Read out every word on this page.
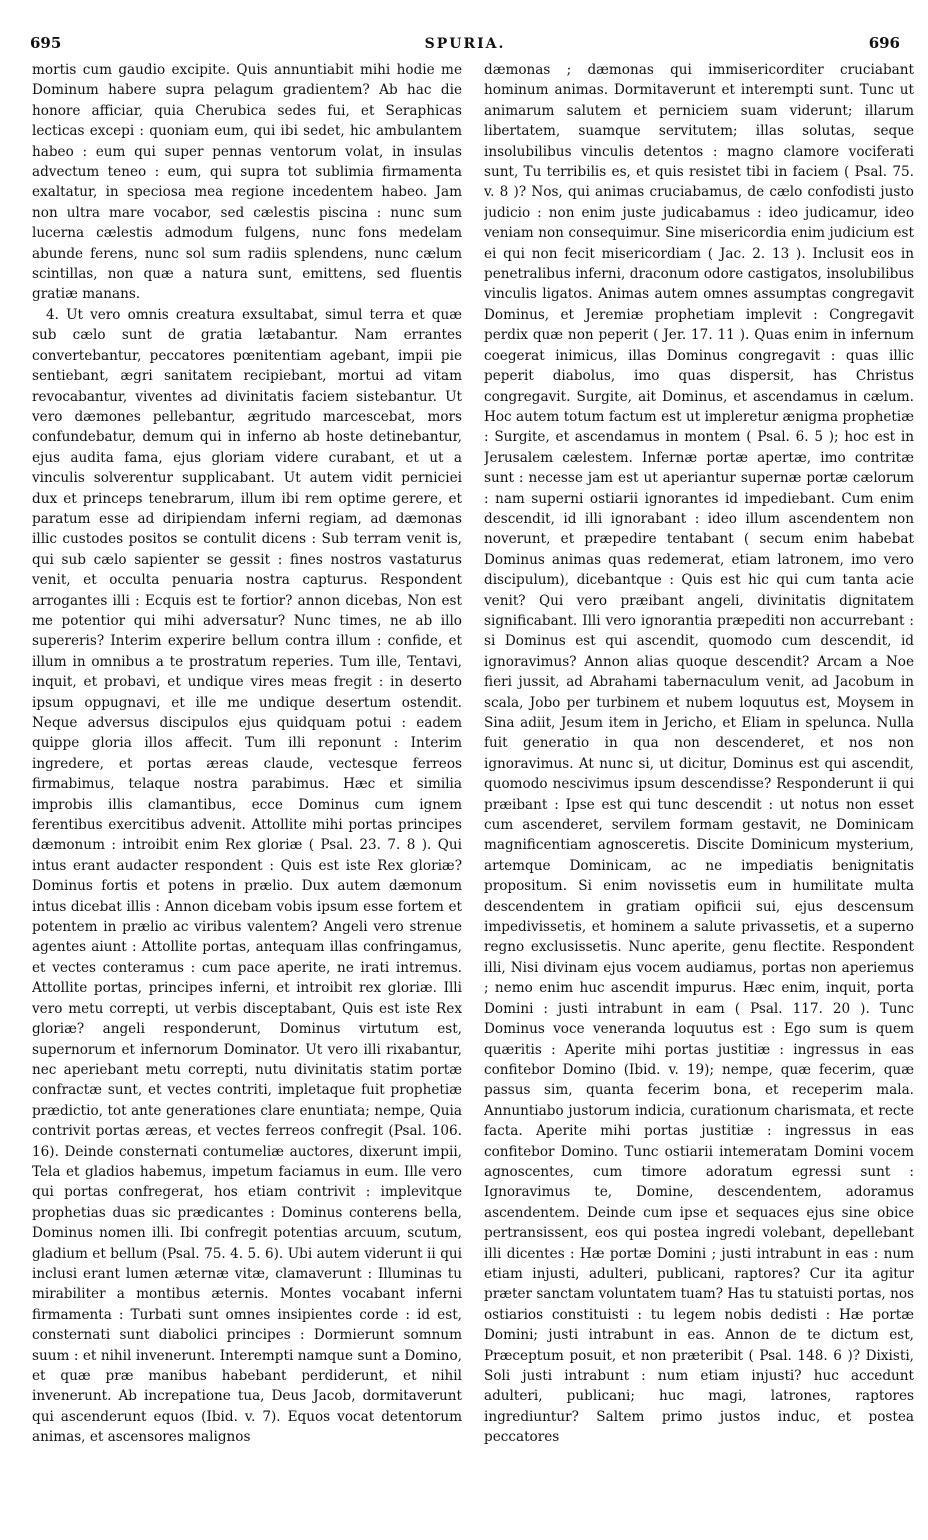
695	SPURIA.	696

mortis cum gaudio excipite. Quis annuntiabit mihi hodie me Dominum habere supra pelagum gradientem? Ab hac die honore afficiar, quia Cherubica sedes fui, et Seraphicas lecticas excepi : quoniam eum, qui ibi sedet, hic ambulantem habeo : eum qui super pennas ventorum volat, in insulas advectum teneo : eum, qui supra tot sublimia firmamenta exaltatur, in speciosa mea regione incedentem habeo. Jam non ultra mare vocabor, sed cælestis piscina : nunc sum lucerna cælestis admodum fulgens, nunc fons medelam abunde ferens, nunc sol sum radiis splendens, nunc cælum scintillas, non quæ a natura sunt, emittens, sed fluentis gratiæ manans.

4. Ut vero omnis creatura exsultabat, simul terra et quæ sub cælo sunt de gratia lætabantur. Nam errantes convertebantur, peccatores pœnitentiam agebant, impii pie sentiebant, ægri sanitatem recipiebant, mortui ad vitam revocabantur, viventes ad divinitatis faciem sistebantur. Ut vero dæmones pellebantur, ægritudo marcescebat, mors confundebatur, demum qui in inferno ab hoste detinebantur, ejus audita fama, ejus gloriam videre curabant, et ut a vinculis solverentur supplicabant. Ut autem vidit perniciei dux et princeps tenebrarum, illum ibi rem optime gerere, et paratum esse ad diripiendam inferni regiam, ad dæmonas illic custodes positos se contulit dicens : Sub terram venit is, qui sub cælo sapienter se gessit : fines nostros vastaturus venit, et occulta penuaria nostra capturus. Respondent arrogantes illi : Ecquis est te fortior? annon dicebas, Non est me potentior qui mihi adversatur? Nunc times, ne ab illo supereris? Interim experire bellum contra illum : confide, et illum in omnibus a te prostratum reperies. Tum ille, Tentavi, inquit, et probavi, et undique vires meas fregit : in deserto ipsum oppugnavi, et ille me undique desertum ostendit. Neque adversus discipulos ejus quidquam potui : eadem quippe gloria illos affecit. Tum illi reponunt : Interim ingredere, et portas æreas claude, vectesque ferreos firmabimus, telaque nostra parabimus. Hæc et similia improbis illis clamantibus, ecce Dominus cum ignem ferentibus exercitibus advenit. Attollite mihi portas principes dæmonum : introibit enim Rex gloriæ ( Psal. 23. 7. 8 ). Qui intus erant audacter respondent : Quis est iste Rex gloriæ? Dominus fortis et potens in prælio. Dux autem dæmonum intus dicebat illis : Annon dicebam vobis ipsum esse fortem et potentem in prælio ac viribus valentem? Angeli vero strenue agentes aiunt : Attollite portas, antequam illas confringamus, et vectes conteramus : cum pace aperite, ne irati intremus. Attollite portas, principes inferni, et introibit rex gloriæ. Illi vero metu correpti, ut verbis disceptabant, Quis est iste Rex gloriæ? angeli responderunt, Dominus virtutum est, supernorum et infernorum Dominator. Ut vero illi rixabantur, nec aperiebant metu correpti, nutu divinitatis statim portæ confractæ sunt, et vectes contriti, impletaque fuit prophetiæ prædictio, tot ante generationes clare enuntiata; nempe, Quia contrivit portas æreas, et vectes ferreos confregit (Psal. 106. 16). Deinde consternati contumeliæ auctores, dixerunt impii, Tela et gladios habemus, impetum faciamus in eum. Ille vero qui portas confregerat, hos etiam contrivit : implevitque prophetias duas sic prædicantes : Dominus conterens bella, Dominus nomen illi. Ibi confregit potentias arcuum, scutum, gladium et bellum (Psal. 75. 4. 5. 6). Ubi autem viderunt ii qui inclusi erant lumen æternæ vitæ, clamaverunt : Illuminas tu mirabiliter a montibus æternis. Montes vocabant inferni firmamenta : Turbati sunt omnes insipientes corde : id est, consternati sunt diabolici principes : Dormierunt somnum suum : et nihil invenerunt. Interempti namque sunt a Domino, et quæ præ manibus habebant perdiderunt, et nihil invenerunt. Ab increpatione tua, Deus Jacob, dormitaverunt qui ascenderunt equos (Ibid. v. 7). Equos vocat detentorum animas, et ascensores malignos

dæmonas ; dæmonas qui immisericorditer cruciabant hominum animas. Dormitaverunt et interempti sunt. Tunc ut animarum salutem et perniciem suam viderunt; illarum libertatem, suamque servitutem; illas solutas, seque insolubilibus vinculis detentos : magno clamore vociferati sunt, Tu terribilis es, et quis resistet tibi in faciem ( Psal. 75. v. 8 )? Nos, qui animas cruciabamus, de cælo confodisti justo judicio : non enim juste judicabamus : ideo judicamur, ideo veniam non consequimur. Sine misericordia enim judicium est ei qui non fecit misericordiam ( Jac. 2. 13 ). Inclusit eos in penetralibus inferni, draconum odore castigatos, insolubilibus vinculis ligatos. Animas autem omnes assumptas congregavit Dominus, et Jeremiæ prophetiam implevit : Congregavit perdix quæ non peperit ( Jer. 17. 11 ). Quas enim in infernum coegerat inimicus, illas Dominus congregavit : quas illic peperit diabolus, imo quas dispersit, has Christus congregavit. Surgite, ait Dominus, et ascendamus in cælum. Hoc autem totum factum est ut impleretur ænigma prophetiæ : Surgite, et ascendamus in montem ( Psal. 6. 5 ); hoc est in Jerusalem cælestem. Infernæ portæ apertæ, imo contritæ sunt : necesse jam est ut aperiantur supernæ portæ cælorum : nam superni ostiarii ignorantes id impediebant. Cum enim descendit, id illi ignorabant : ideo illum ascendentem non noverunt, et præpedire tentabant ( secum enim habebat Dominus animas quas redemerat, etiam latronem, imo vero discipulum), dicebantque : Quis est hic qui cum tanta acie venit? Qui vero præibant angeli, divinitatis dignitatem significabant. Illi vero ignorantia præpediti non accurrebant : si Dominus est qui ascendit, quomodo cum descendit, id ignoravimus? Annon alias quoque descendit? Arcam a Noe fieri jussit, ad Abrahami tabernaculum venit, ad Jacobum in scala, Jobo per turbinem et nubem loquutus est, Moysem in Sina adiit, Jesum item in Jericho, et Eliam in spelunca. Nulla fuit generatio in qua non descenderet, et nos non ignoravimus. At nunc si, ut dicitur, Dominus est qui ascendit, quomodo nescivimus ipsum descendisse? Responderunt ii qui præibant : Ipse est qui tunc descendit : ut notus non esset cum ascenderet, servilem formam gestavit, ne Dominicam magnificentiam agnosceretis. Discite Dominicum mysterium, artemque Dominicam, ac ne impediatis benignitatis propositum. Si enim novissetis eum in humilitate multa descendentem in gratiam opificii sui, ejus descensum impedivissetis, et hominem a salute privassetis, et a superno regno exclusissetis. Nunc aperite, genu flectite. Respondent illi, Nisi divinam ejus vocem audiamus, portas non aperiemus ; nemo enim huc ascendit impurus. Hæc enim, inquit, porta Domini : justi intrabunt in eam ( Psal. 117. 20 ). Tunc Dominus voce veneranda loquutus est : Ego sum is quem quæritis : Aperite mihi portas justitiæ : ingressus in eas confitebor Domino (Ibid. v. 19); nempe, quæ fecerim, quæ passus sim, quanta fecerim bona, et receperim mala. Annuntiabo justorum indicia, curationum charismata, et recte facta. Aperite mihi portas justitiæ : ingressus in eas confitebor Domino. Tunc ostiarii intemeratam Domini vocem agnoscentes, cum timore adoratum egressi sunt : Ignoravimus te, Domine, descendentem, adoramus ascendentem. Deinde cum ipse et sequaces ejus sine obice pertransissent, eos qui postea ingredi volebant, depellebant illi dicentes : Hæ portæ Domini ; justi intrabunt in eas : num etiam injusti, adulteri, publicani, raptores? Cur ita agitur præter sanctam voluntatem tuam? Has tu statuisti portas, nos ostiarios constituisti : tu legem nobis dedisti : Hæ portæ Domini; justi intrabunt in eas. Annon de te dictum est, Præceptum posuit, et non præteribit ( Psal. 148. 6 )? Dixisti, Soli justi intrabunt : num etiam injusti? huc accedunt adulteri, publicani; huc magi, latrones, raptores ingrediuntur? Saltem primo justos induc, et postea peccatores
